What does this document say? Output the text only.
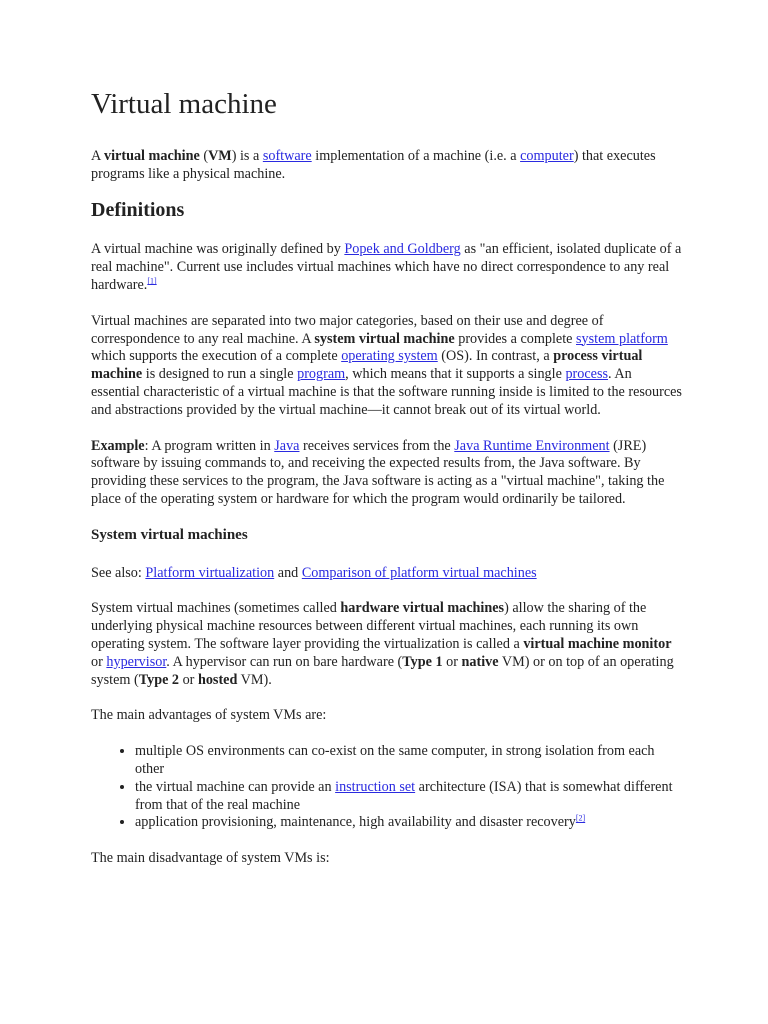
Virtual machine

A virtual machine (VM) is a software implementation of a machine (i.e. a computer) that executes programs like a physical machine.

Definitions

A virtual machine was originally defined by Popek and Goldberg as "an efficient, isolated duplicate of a real machine". Current use includes virtual machines which have no direct correspondence to any real hardware.[1]

Virtual machines are separated into two major categories, based on their use and degree of correspondence to any real machine. A system virtual machine provides a complete system platform which supports the execution of a complete operating system (OS). In contrast, a process virtual machine is designed to run a single program, which means that it supports a single process. An essential characteristic of a virtual machine is that the software running inside is limited to the resources and abstractions provided by the virtual machine—it cannot break out of its virtual world.

Example: A program written in Java receives services from the Java Runtime Environment (JRE) software by issuing commands to, and receiving the expected results from, the Java software. By providing these services to the program, the Java software is acting as a "virtual machine", taking the place of the operating system or hardware for which the program would ordinarily be tailored.

System virtual machines

See also: Platform virtualization and Comparison of platform virtual machines

System virtual machines (sometimes called hardware virtual machines) allow the sharing of the underlying physical machine resources between different virtual machines, each running its own operating system. The software layer providing the virtualization is called a virtual machine monitor or hypervisor. A hypervisor can run on bare hardware (Type 1 or native VM) or on top of an operating system (Type 2 or hosted VM).

The main advantages of system VMs are:

• multiple OS environments can co-exist on the same computer, in strong isolation from each other
• the virtual machine can provide an instruction set architecture (ISA) that is somewhat different from that of the real machine
• application provisioning, maintenance, high availability and disaster recovery[2]

The main disadvantage of system VMs is:
